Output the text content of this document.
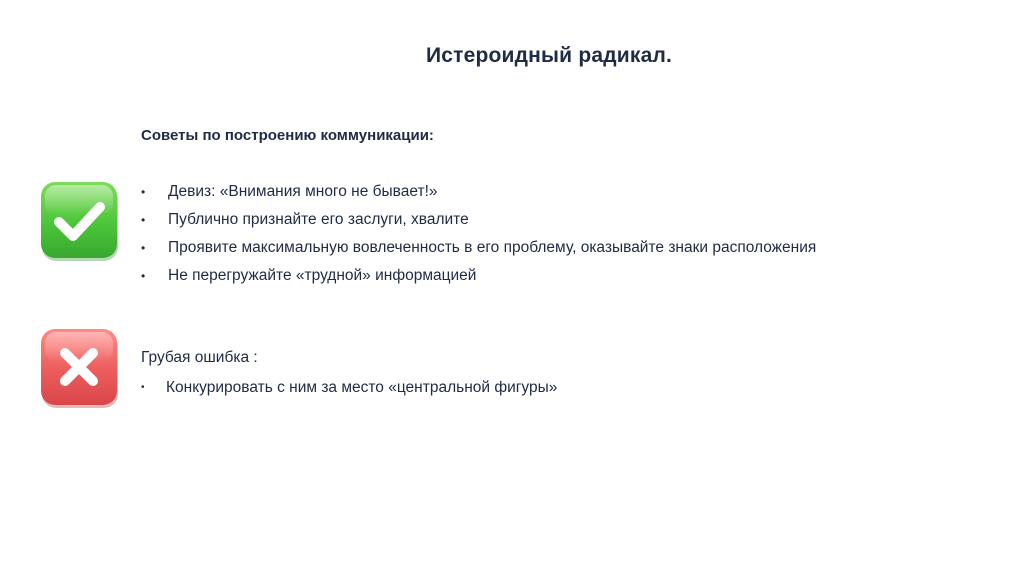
Истероидный радикал.
Советы по построению коммуникации:
• Девиз: «Внимания много не бывает!»
• Публично признайте его заслуги, хвалите
• Проявите максимальную вовлеченность в его проблему, оказывайте знаки расположения
• Не перегружайте «трудной» информацией
Грубая ошибка :
• Конкурировать с ним за место «центральной фигуры»
